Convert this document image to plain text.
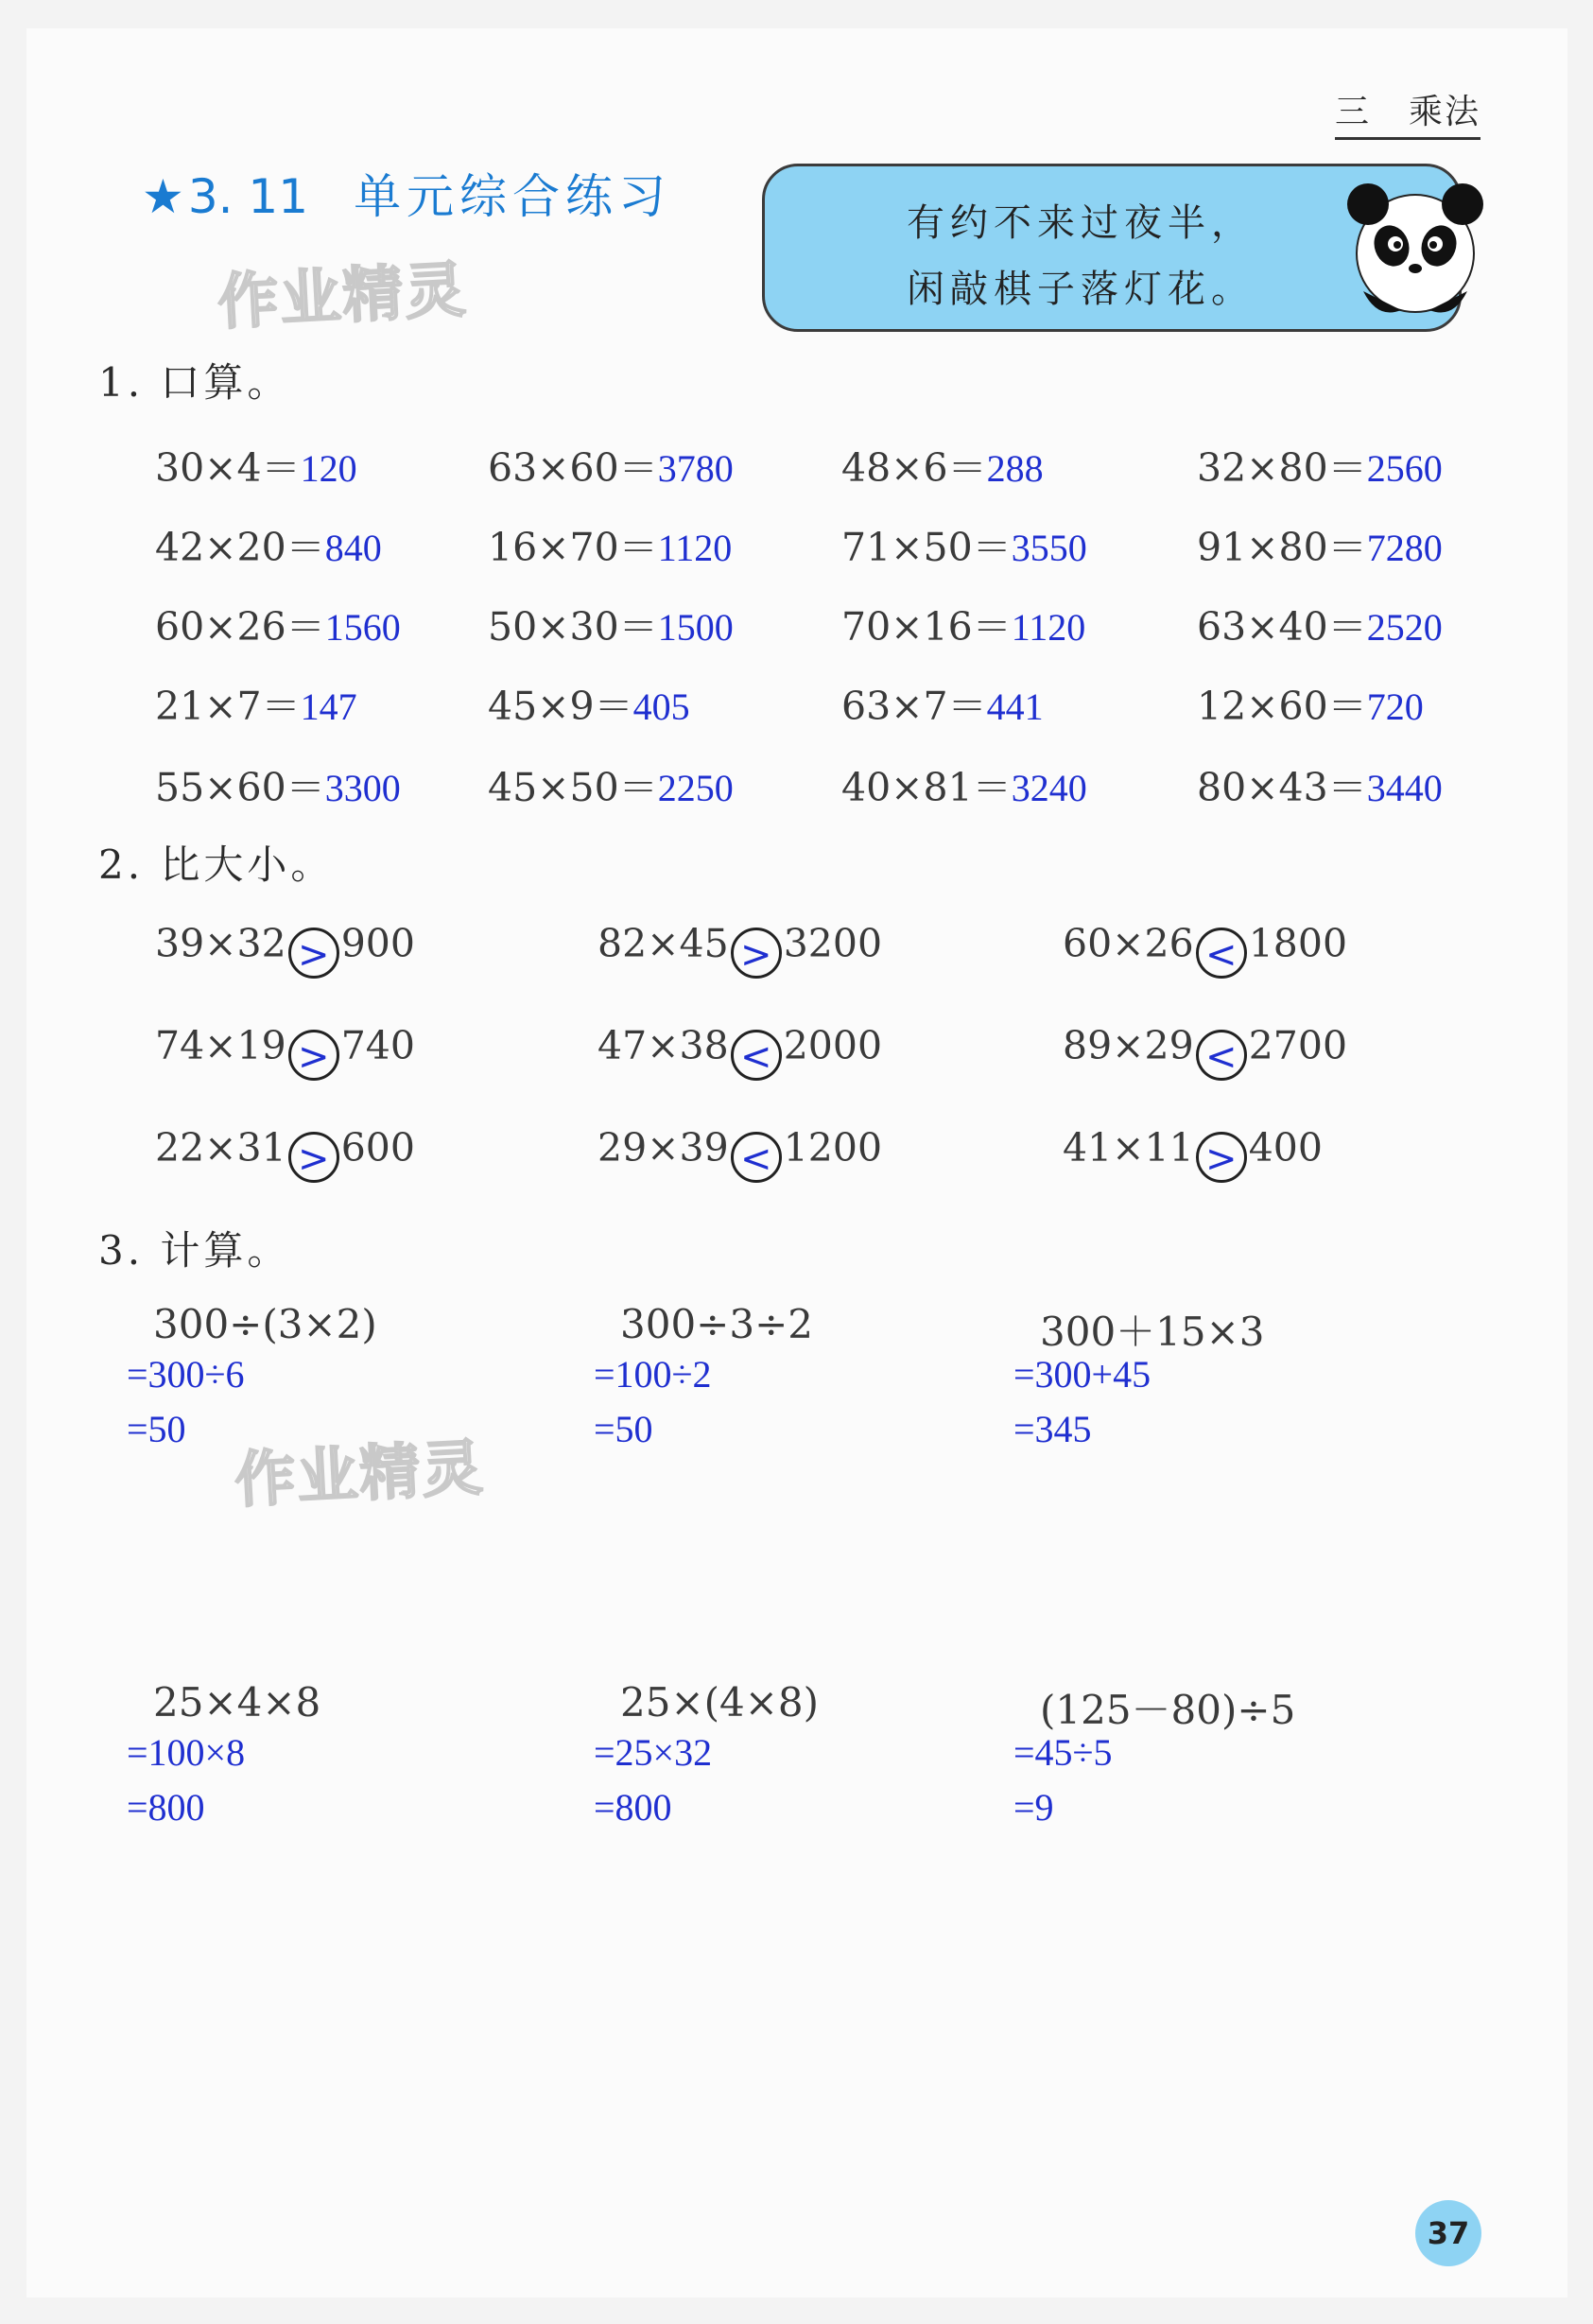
三 乘法
★3. 11 单元综合练习
作业精灵
作业精灵
有约不来过夜半，
闲敲棋子落灯花。
1. 口算。
30×4＝120	63×60＝3780	48×6＝288	32×80＝2560
42×20＝840	16×70＝1120	71×50＝3550	91×80＝7280
60×26＝1560 50×30＝1500	70×16＝1120	63×40＝2520
21×7＝147	45×9＝405	63×7＝441	12×60＝720
55×60＝3300 45×50＝2250	40×81＝3240	80×43＝3440
2. 比大小。
39×32 > 900	82×45 > 3200	60×26 < 1800
74×19 > 740	47×38 < 2000	89×29 < 2700
22×31 > 600	29×39 < 1200	41×11 > 400
3. 计算。
300÷(3×2)
=300÷6
=50
300÷3÷2
=100÷2
=50
300＋15×3
=300+45
=345
25×4×8
=100×8
=800
25×(4×8)
=25×32
=800
(125－80)÷5
=45÷5
=9
37
